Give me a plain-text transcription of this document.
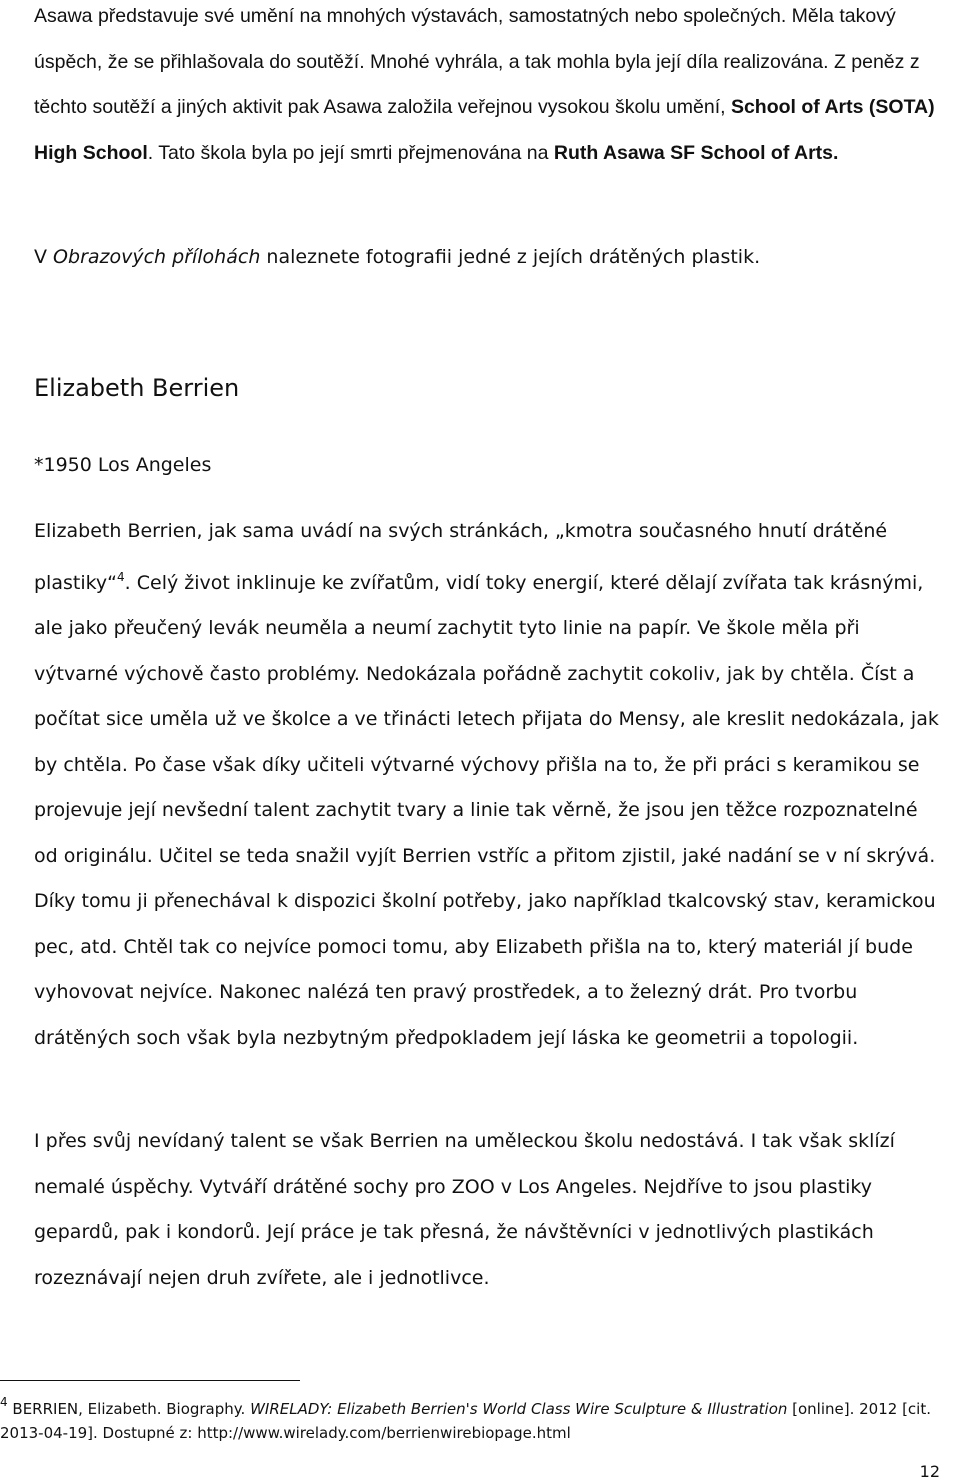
Asawa představuje své umění na mnohých výstavách, samostatných nebo společných. Měla takový úspěch, že se přihlašovala do soutěží. Mnohé vyhrála, a tak mohla byla její díla realizována. Z peněz z těchto soutěží a jiných aktivit pak Asawa založila veřejnou vysokou školu umění, School of Arts (SOTA) High School. Tato škola byla po její smrti přejmenována na Ruth Asawa SF School of Arts.

V Obrazových přílohách naleznete fotografii jedné z jejích drátěných plastik.

Elizabeth Berrien

*1950 Los Angeles

Elizabeth Berrien, jak sama uvádí na svých stránkách, „kmotra současného hnutí drátěné plastiky“$^4$. Celý život inklinuje ke zvířatům, vidí toky energií, které dělají zvířata tak krásnými, ale jako přeučený levák neuměla a neumí zachytit tyto linie na papír. Ve škole měla při výtvarné výchově často problémy. Nedokázala pořádně zachytit cokoliv, jak by chtěla. Číst a počítat sice uměla už ve školce a ve třinácti letech přijata do Mensy, ale kreslit nedokázala, jak by chtěla. Po čase však díky učiteli výtvarné výchovy přišla na to, že při práci s keramikou se projevuje její nevšední talent zachytit tvary a linie tak věrně, že jsou jen těžce rozpoznatelné od originálu. Učitel se teda snažil vyjít Berrien vstříc a přitom zjistil, jaké nadání se v ní skrývá. Díky tomu ji přenechával k dispozici školní potřeby, jako například tkalcovský stav, keramickou pec, atd. Chtěl tak co nejvíce pomoci tomu, aby Elizabeth přišla na to, který materiál jí bude vyhovovat nejvíce. Nakonec nalézá ten pravý prostředek, a to železný drát. Pro tvorbu drátěných soch však byla nezbytným předpokladem její láska ke geometrii a topologii.

I přes svůj nevídaný talent se však Berrien na uměleckou školu nedostává. I tak však sklízí nemalé úspěchy. Vytváří drátěné sochy pro ZOO v Los Angeles. Nejdříve to jsou plastiky gepardů, pak i kondorů. Její práce je tak přesná, že návštěvníci v jednotlivých plastikách rozeznávají nejen druh zvířete, ale i jednotlivce.

$^4$ BERRIEN, Elizabeth. Biography. WIRELADY: Elizabeth Berrien's World Class Wire Sculpture & Illustration [online]. 2012 [cit. 2013-04-19]. Dostupné z: http://www.wirelady.com/berrienwirebiopage.html
12
